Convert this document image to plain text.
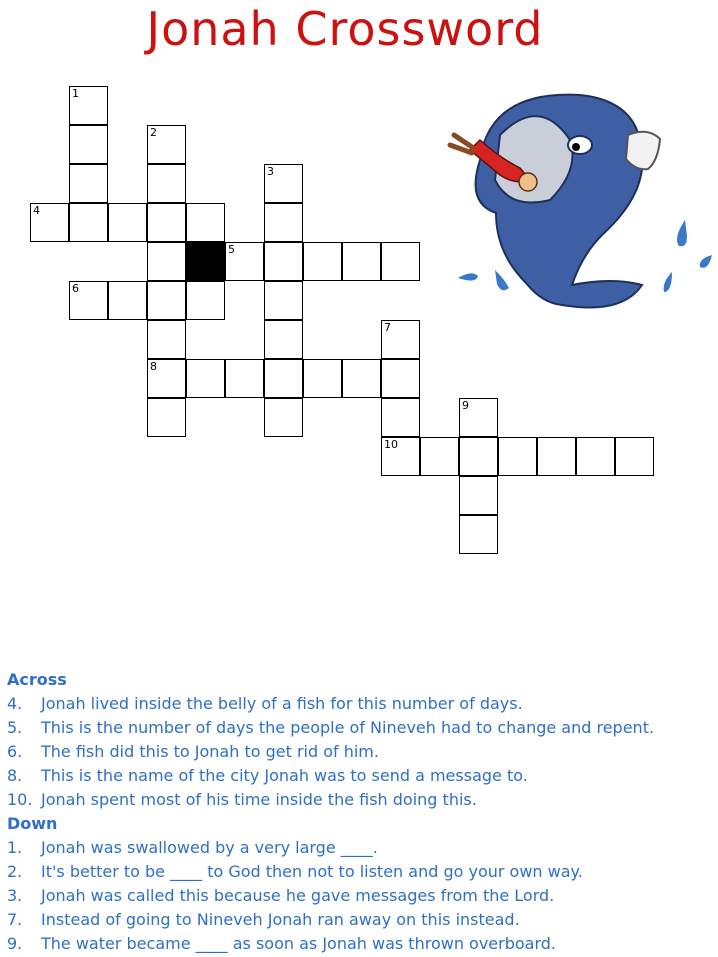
Jonah Crossword
1
2
3
4
5
6
7
8
9
10
Across
4. Jonah lived inside the belly of a fish for this number of days.
5. This is the number of days the people of Nineveh had to change and repent.
6. The fish did this to Jonah to get rid of him.
8. This is the name of the city Jonah was to send a message to.
10. Jonah spent most of his time inside the fish doing this.
Down
1. Jonah was swallowed by a very large ____.
2. It's better to be ____ to God then not to listen and go your own way.
3. Jonah was called this because he gave messages from the Lord.
7. Instead of going to Nineveh Jonah ran away on this instead.
9. The water became ____ as soon as Jonah was thrown overboard.
